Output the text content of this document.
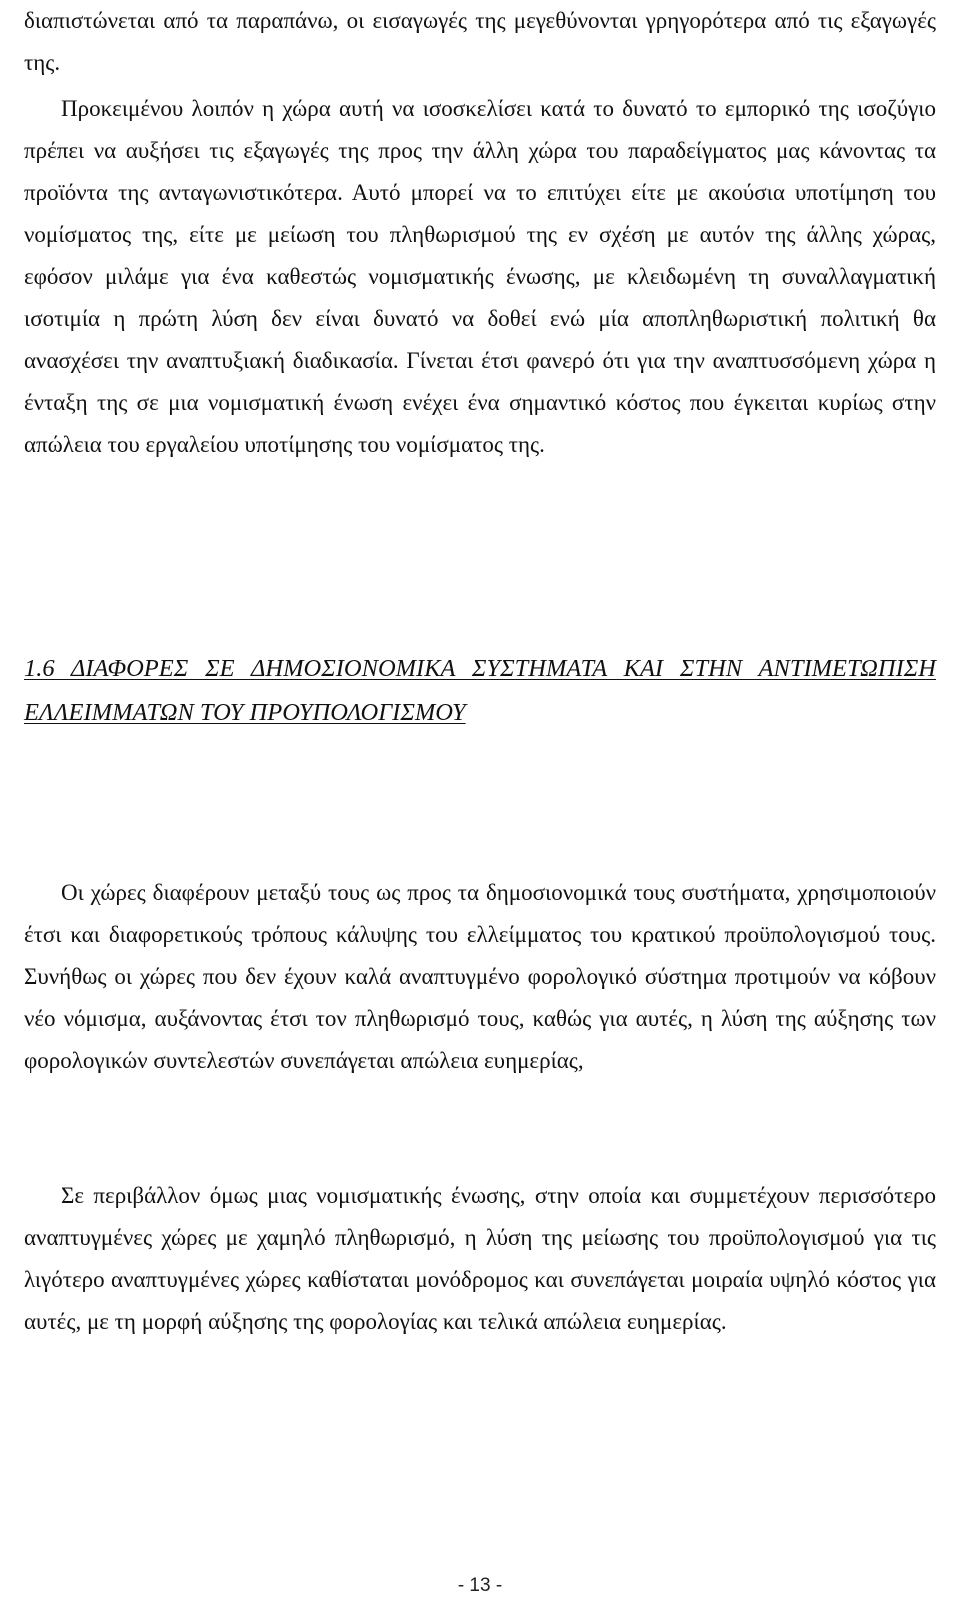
διαπιστώνεται από τα παραπάνω, οι εισαγωγές της μεγεθύνονται γρηγορότερα από τις εξαγωγές της.

Προκειμένου λοιπόν η χώρα αυτή να ισοσκελίσει κατά το δυνατό το εμπορικό της ισοζύγιο πρέπει να αυξήσει τις εξαγωγές της προς την άλλη χώρα του παραδείγματος μας κάνοντας τα προϊόντα της ανταγωνιστικότερα. Αυτό μπορεί να το επιτύχει είτε με ακούσια υποτίμηση του νομίσματος της, είτε με μείωση του πληθωρισμού της εν σχέση με αυτόν της άλλης χώρας, εφόσον μιλάμε για ένα καθεστώς νομισματικής ένωσης, με κλειδωμένη τη συναλλαγματική ισοτιμία η πρώτη λύση δεν είναι δυνατό να δοθεί ενώ μία αποπληθωριστική πολιτική θα ανασχέσει την αναπτυξιακή διαδικασία. Γίνεται έτσι φανερό ότι για την αναπτυσσόμενη χώρα η ένταξη της σε μια νομισματική ένωση ενέχει ένα σημαντικό κόστος που έγκειται κυρίως στην απώλεια του εργαλείου υποτίμησης του νομίσματος της.

1.6 ΔΙΑΦΟΡΕΣ ΣΕ ΔΗΜΟΣΙΟΝΟΜΙΚΑ ΣΥΣΤΗΜΑΤΑ ΚΑΙ ΣΤΗΝ ΑΝΤΙΜΕΤΩΠΙΣΗ ΕΛΛΕΙΜΜΑΤΩΝ ΤΟΥ ΠΡΟΥΠΟΛΟΓΙΣΜΟΥ

Οι χώρες διαφέρουν μεταξύ τους ως προς τα δημοσιονομικά τους συστήματα, χρησιμοποιούν έτσι και διαφορετικούς τρόπους κάλυψης του ελλείμματος του κρατικού προϋπολογισμού τους. Συνήθως οι χώρες που δεν έχουν καλά αναπτυγμένο φορολογικό σύστημα προτιμούν να κόβουν νέο νόμισμα, αυξάνοντας έτσι τον πληθωρισμό τους, καθώς για αυτές, η λύση της αύξησης των φορολογικών συντελεστών συνεπάγεται απώλεια ευημερίας,

Σε περιβάλλον όμως μιας νομισματικής ένωσης, στην οποία και συμμετέχουν περισσότερο αναπτυγμένες χώρες με χαμηλό πληθωρισμό, η λύση της μείωσης του προϋπολογισμού για τις λιγότερο αναπτυγμένες χώρες καθίσταται μονόδρομος και συνεπάγεται μοιραία υψηλό κόστος για αυτές, με τη μορφή αύξησης της φορολογίας και τελικά απώλεια ευημερίας.

- 13 -
